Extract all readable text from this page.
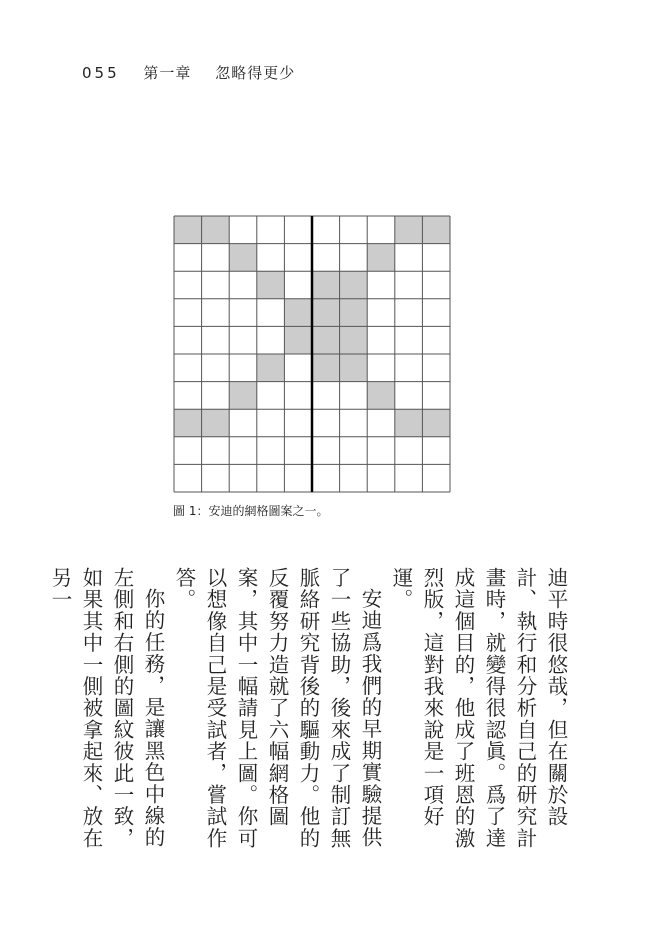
055 第一章 忽略得更少
圖 1：安迪的網格圖案之一。

迪平時很悠哉，但在關於設計、執行和分析自己的研究計畫時，就變得很認眞。爲了達成這個目的，他成了班恩的激烈版，這對我來說是一項好運。

安迪爲我們的早期實驗提供了一些協助，後來成了制訂無脈絡研究背後的驅動力。他的反覆努力造就了六幅網格圖案，其中一幅請見上圖。你可以想像自己是受試者，嘗試作答。

你的任務，是讓黑色中線的左側和右側的圖紋彼此一致，如果其中一側被拿起來、放在另一
